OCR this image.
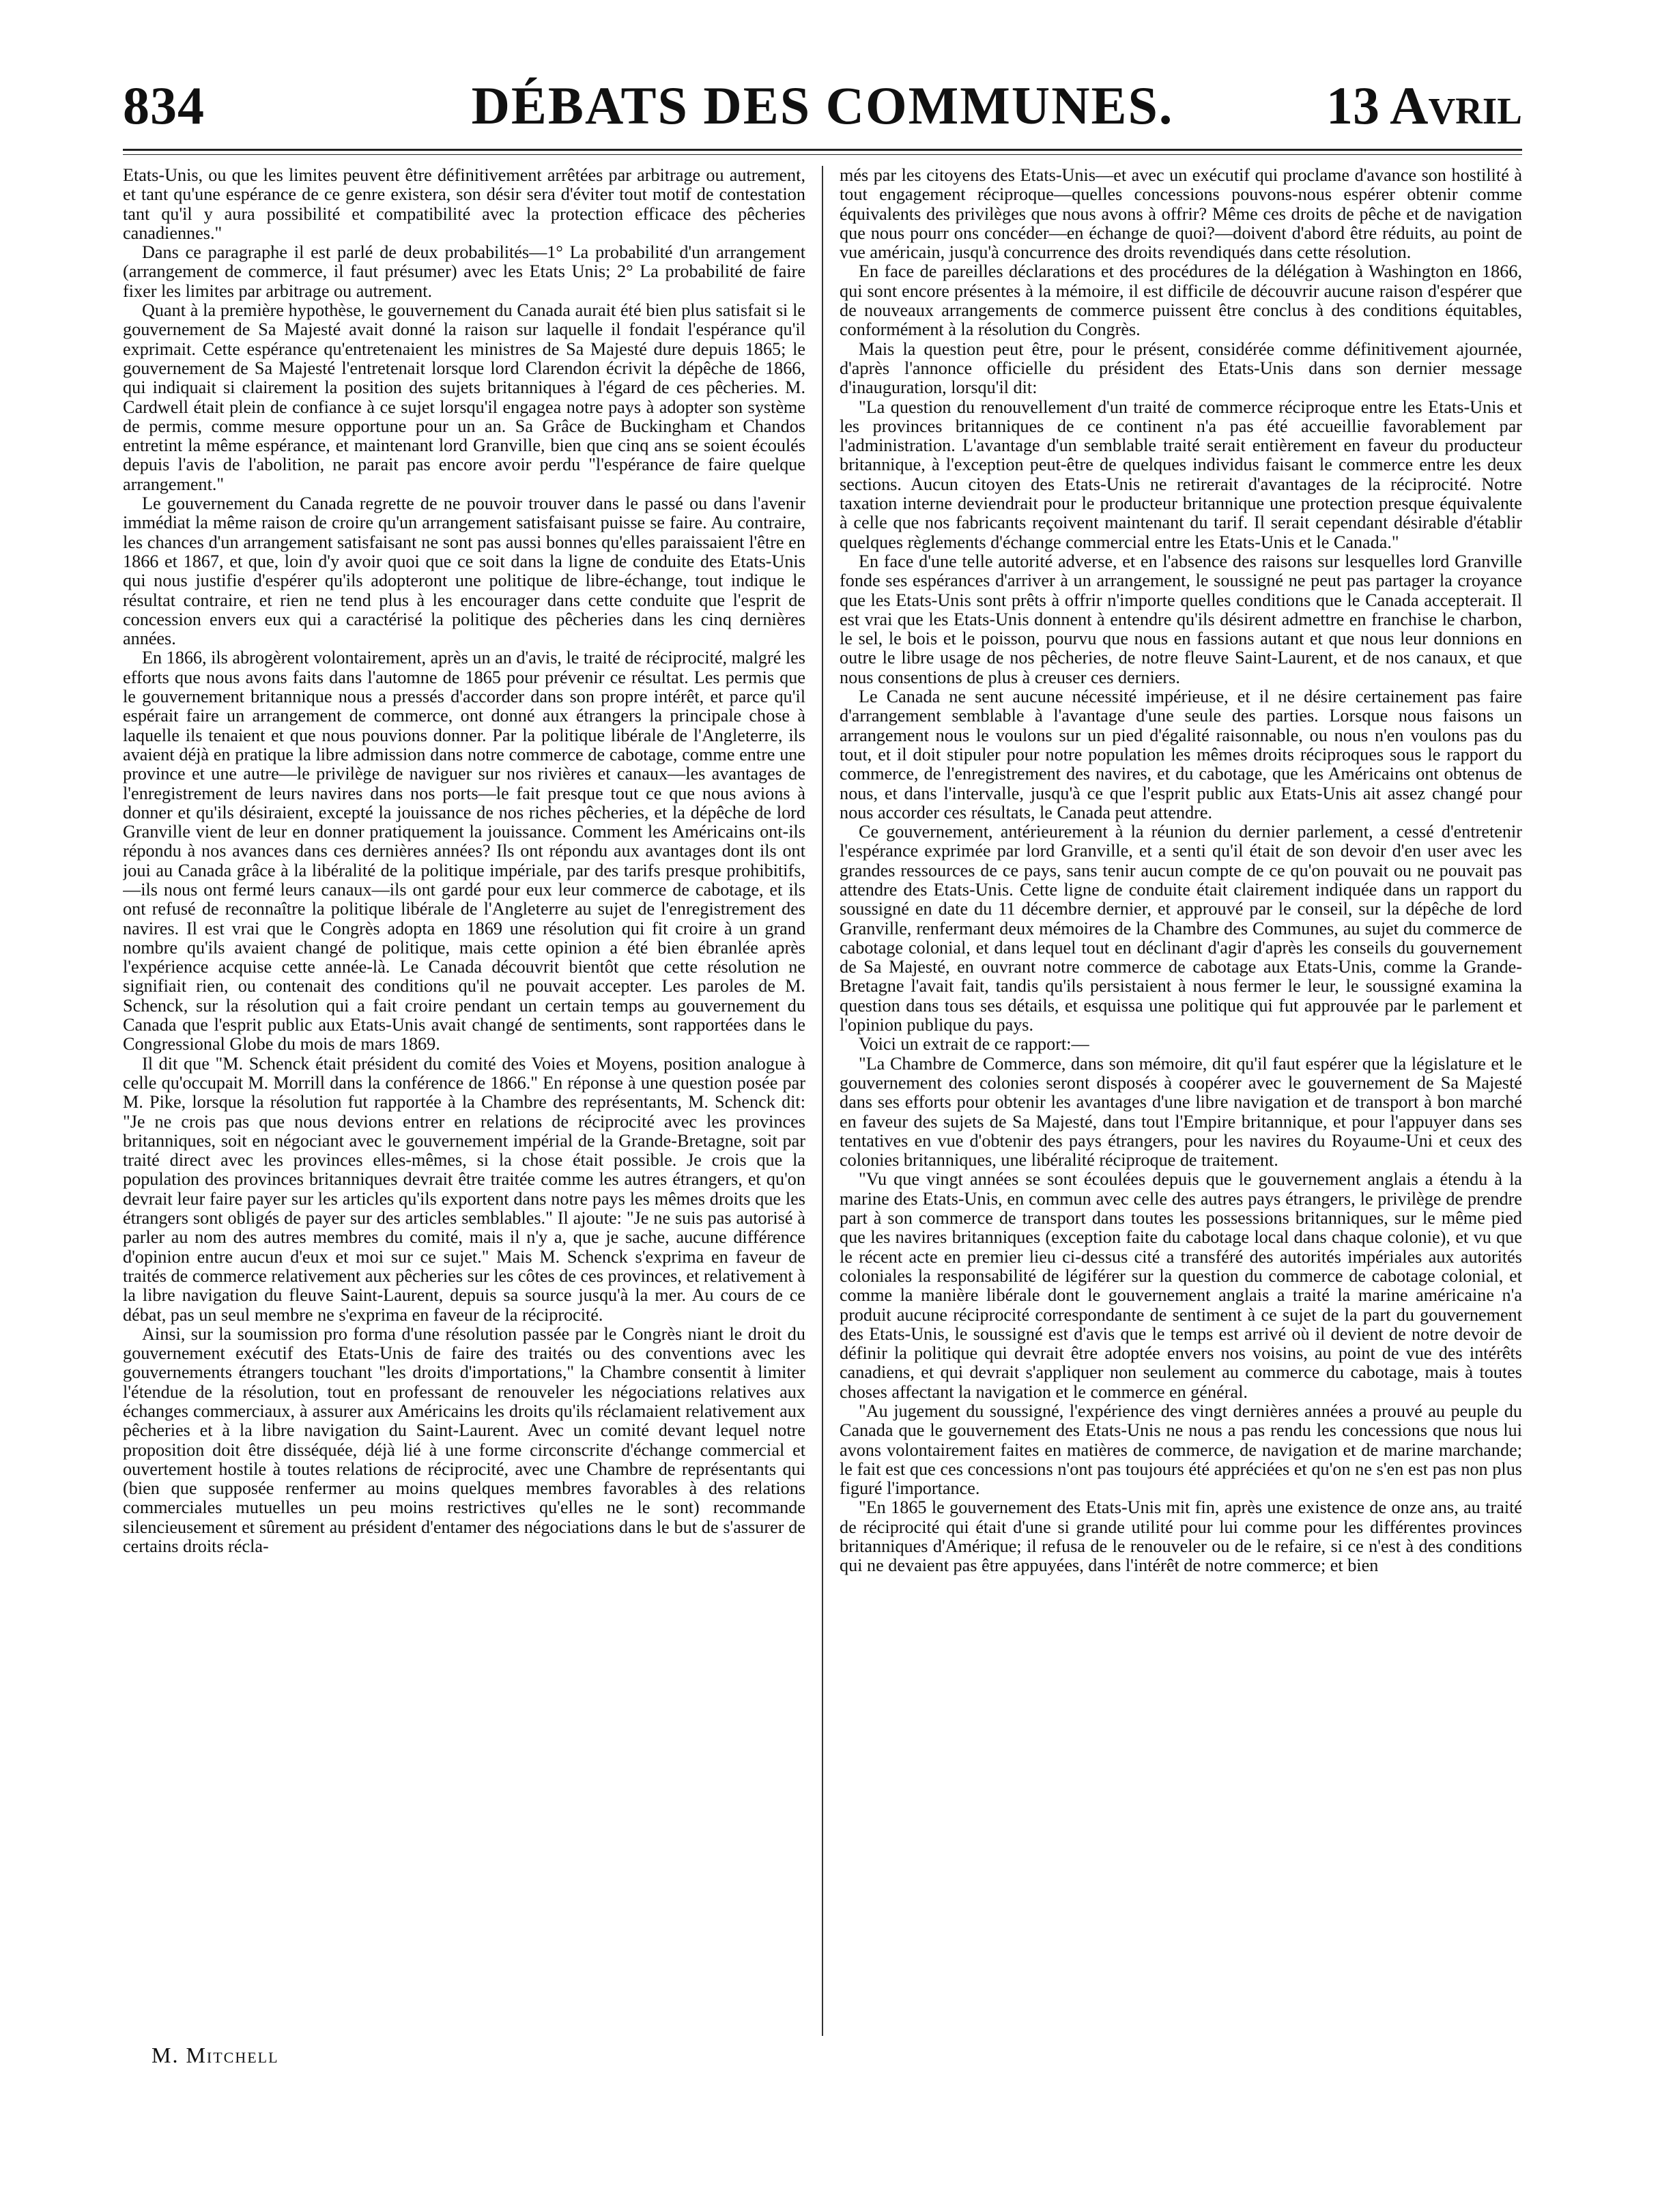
834	DÉBATS DES COMMUNES.	13 Avril

Etats-Unis, ou que les limites peuvent être définitivement arrêtées par arbitrage ou autrement, et tant qu'une espérance de ce genre existera, son désir sera d'éviter tout motif de contestation tant qu'il y aura possibilité et compatibilité avec la protection efficace des pêcheries canadiennes."

Dans ce paragraphe il est parlé de deux probabilités—1° La probabilité d'un arrangement (arrangement de commerce, il faut présumer) avec les Etats Unis; 2° La probabilité de faire fixer les limites par arbitrage ou autrement.

Quant à la première hypothèse, le gouvernement du Canada aurait été bien plus satisfait si le gouvernement de Sa Majesté avait donné la raison sur laquelle il fondait l'espérance qu'il exprimait. Cette espérance qu'entretenaient les ministres de Sa Majesté dure depuis 1865; le gouvernement de Sa Majesté l'entretenait lorsque lord Clarendon écrivit la dépêche de 1866, qui indiquait si clairement la position des sujets britanniques à l'égard de ces pêcheries. M. Cardwell était plein de confiance à ce sujet lorsqu'il engagea notre pays à adopter son système de permis, comme mesure opportune pour un an. Sa Grâce de Buckingham et Chandos entretint la même espérance, et maintenant lord Granville, bien que cinq ans se soient écoulés depuis l'avis de l'abolition, ne parait pas encore avoir perdu "l'espérance de faire quelque arrangement."

Le gouvernement du Canada regrette de ne pouvoir trouver dans le passé ou dans l'avenir immédiat la même raison de croire qu'un arrangement satisfaisant puisse se faire. Au contraire, les chances d'un arrangement satisfaisant ne sont pas aussi bonnes qu'elles paraissaient l'être en 1866 et 1867, et que, loin d'y avoir quoi que ce soit dans la ligne de conduite des Etats-Unis qui nous justifie d'espérer qu'ils adopteront une politique de libre-échange, tout indique le résultat contraire, et rien ne tend plus à les encourager dans cette conduite que l'esprit de concession envers eux qui a caractérisé la politique des pêcheries dans les cinq dernières années.

En 1866, ils abrogèrent volontairement, après un an d'avis, le traité de réciprocité, malgré les efforts que nous avons faits dans l'automne de 1865 pour prévenir ce résultat. Les permis que le gouvernement britannique nous a pressés d'accorder dans son propre intérêt, et parce qu'il espérait faire un arrangement de commerce, ont donné aux étrangers la principale chose à laquelle ils tenaient et que nous pouvions donner. Par la politique libérale de l'Angleterre, ils avaient déjà en pratique la libre admission dans notre commerce de cabotage, comme entre une province et une autre—le privilège de naviguer sur nos rivières et canaux—les avantages de l'enregistrement de leurs navires dans nos ports—le fait presque tout ce que nous avions à donner et qu'ils désiraient, excepté la jouissance de nos riches pêcheries, et la dépêche de lord Granville vient de leur en donner pratiquement la jouissance. Comment les Américains ont-ils répondu à nos avances dans ces dernières années? Ils ont répondu aux avantages dont ils ont joui au Canada grâce à la libéralité de la politique impériale, par des tarifs presque prohibitifs,—ils nous ont fermé leurs canaux—ils ont gardé pour eux leur commerce de cabotage, et ils ont refusé de reconnaître la politique libérale de l'Angleterre au sujet de l'enregistrement des navires. Il est vrai que le Congrès adopta en 1869 une résolution qui fit croire à un grand nombre qu'ils avaient changé de politique, mais cette opinion a été bien ébranlée après l'expérience acquise cette année-là. Le Canada découvrit bientôt que cette résolution ne signifiait rien, ou contenait des conditions qu'il ne pouvait accepter. Les paroles de M. Schenck, sur la résolution qui a fait croire pendant un certain temps au gouvernement du Canada que l'esprit public aux Etats-Unis avait changé de sentiments, sont rapportées dans le Congressional Globe du mois de mars 1869.

Il dit que "M. Schenck était président du comité des Voies et Moyens, position analogue à celle qu'occupait M. Morrill dans la conférence de 1866." En réponse à une question posée par M. Pike, lorsque la résolution fut rapportée à la Chambre des représentants, M. Schenck dit: "Je ne crois pas que nous devions entrer en relations de réciprocité avec les provinces britanniques, soit en négociant avec le gouvernement impérial de la Grande-Bretagne, soit par traité direct avec les provinces elles-mêmes, si la chose était possible. Je crois que la population des provinces britanniques devrait être traitée comme les autres étrangers, et qu'on devrait leur faire payer sur les articles qu'ils exportent dans notre pays les mêmes droits que les étrangers sont obligés de payer sur des articles semblables." Il ajoute: "Je ne suis pas autorisé à parler au nom des autres membres du comité, mais il n'y a, que je sache, aucune différence d'opinion entre aucun d'eux et moi sur ce sujet." Mais M. Schenck s'exprima en faveur de traités de commerce relativement aux pêcheries sur les côtes de ces provinces, et relativement à la libre navigation du fleuve Saint-Laurent, depuis sa source jusqu'à la mer. Au cours de ce débat, pas un seul membre ne s'exprima en faveur de la réciprocité.

Ainsi, sur la soumission pro forma d'une résolution passée par le Congrès niant le droit du gouvernement exécutif des Etats-Unis de faire des traités ou des conventions avec les gouvernements étrangers touchant "les droits d'importations," la Chambre consentit à limiter l'étendue de la résolution, tout en professant de renouveler les négociations relatives aux échanges commerciaux, à assurer aux Américains les droits qu'ils réclamaient relativement aux pêcheries et à la libre navigation du Saint-Laurent. Avec un comité devant lequel notre proposition doit être disséquée, déjà lié à une forme circonscrite d'échange commercial et ouvertement hostile à toutes relations de réciprocité, avec une Chambre de représentants qui (bien que supposée renfermer au moins quelques membres favorables à des relations commerciales mutuelles un peu moins restrictives qu'elles ne le sont) recommande silencieusement et sûrement au président d'entamer des négociations dans le but de s'assurer de certains droits récla-

més par les citoyens des Etats-Unis—et avec un exécutif qui proclame d'avance son hostilité à tout engagement réciproque—quelles concessions pouvons-nous espérer obtenir comme équivalents des privilèges que nous avons à offrir? Même ces droits de pêche et de navigation que nous pourr ons concéder—en échange de quoi?—doivent d'abord être réduits, au point de vue américain, jusqu'à concurrence des droits revendiqués dans cette résolution.

En face de pareilles déclarations et des procédures de la délégation à Washington en 1866, qui sont encore présentes à la mémoire, il est difficile de découvrir aucune raison d'espérer que de nouveaux arrangements de commerce puissent être conclus à des conditions équitables, conformément à la résolution du Congrès.

Mais la question peut être, pour le présent, considérée comme définitivement ajournée, d'après l'annonce officielle du président des Etats-Unis dans son dernier message d'inauguration, lorsqu'il dit:

"La question du renouvellement d'un traité de commerce réciproque entre les Etats-Unis et les provinces britanniques de ce continent n'a pas été accueillie favorablement par l'administration. L'avantage d'un semblable traité serait entièrement en faveur du producteur britannique, à l'exception peut-être de quelques individus faisant le commerce entre les deux sections. Aucun citoyen des Etats-Unis ne retirerait d'avantages de la réciprocité. Notre taxation interne deviendrait pour le producteur britannique une protection presque équivalente à celle que nos fabricants reçoivent maintenant du tarif. Il serait cependant désirable d'établir quelques règlements d'échange commercial entre les Etats-Unis et le Canada."

En face d'une telle autorité adverse, et en l'absence des raisons sur lesquelles lord Granville fonde ses espérances d'arriver à un arrangement, le soussigné ne peut pas partager la croyance que les Etats-Unis sont prêts à offrir n'importe quelles conditions que le Canada accepterait. Il est vrai que les Etats-Unis donnent à entendre qu'ils désirent admettre en franchise le charbon, le sel, le bois et le poisson, pourvu que nous en fassions autant et que nous leur donnions en outre le libre usage de nos pêcheries, de notre fleuve Saint-Laurent, et de nos canaux, et que nous consentions de plus à creuser ces derniers.

Le Canada ne sent aucune nécessité impérieuse, et il ne désire certainement pas faire d'arrangement semblable à l'avantage d'une seule des parties. Lorsque nous faisons un arrangement nous le voulons sur un pied d'égalité raisonnable, ou nous n'en voulons pas du tout, et il doit stipuler pour notre population les mêmes droits réciproques sous le rapport du commerce, de l'enregistrement des navires, et du cabotage, que les Américains ont obtenus de nous, et dans l'intervalle, jusqu'à ce que l'esprit public aux Etats-Unis ait assez changé pour nous accorder ces résultats, le Canada peut attendre.

Ce gouvernement, antérieurement à la réunion du dernier parlement, a cessé d'entretenir l'espérance exprimée par lord Granville, et a senti qu'il était de son devoir d'en user avec les grandes ressources de ce pays, sans tenir aucun compte de ce qu'on pouvait ou ne pouvait pas attendre des Etats-Unis. Cette ligne de conduite était clairement indiquée dans un rapport du soussigné en date du 11 décembre dernier, et approuvé par le conseil, sur la dépêche de lord Granville, renfermant deux mémoires de la Chambre des Communes, au sujet du commerce de cabotage colonial, et dans lequel tout en déclinant d'agir d'après les conseils du gouvernement de Sa Majesté, en ouvrant notre commerce de cabotage aux Etats-Unis, comme la Grande-Bretagne l'avait fait, tandis qu'ils persistaient à nous fermer le leur, le soussigné examina la question dans tous ses détails, et esquissa une politique qui fut approuvée par le parlement et l'opinion publique du pays.

Voici un extrait de ce rapport:—

"La Chambre de Commerce, dans son mémoire, dit qu'il faut espérer que la législature et le gouvernement des colonies seront disposés à coopérer avec le gouvernement de Sa Majesté dans ses efforts pour obtenir les avantages d'une libre navigation et de transport à bon marché en faveur des sujets de Sa Majesté, dans tout l'Empire britannique, et pour l'appuyer dans ses tentatives en vue d'obtenir des pays étrangers, pour les navires du Royaume-Uni et ceux des colonies britanniques, une libéralité réciproque de traitement.

"Vu que vingt années se sont écoulées depuis que le gouvernement anglais a étendu à la marine des Etats-Unis, en commun avec celle des autres pays étrangers, le privilège de prendre part à son commerce de transport dans toutes les possessions britanniques, sur le même pied que les navires britanniques (exception faite du cabotage local dans chaque colonie), et vu que le récent acte en premier lieu ci-dessus cité a transféré des autorités impériales aux autorités coloniales la responsabilité de légiférer sur la question du commerce de cabotage colonial, et comme la manière libérale dont le gouvernement anglais a traité la marine américaine n'a produit aucune réciprocité correspondante de sentiment à ce sujet de la part du gouvernement des Etats-Unis, le soussigné est d'avis que le temps est arrivé où il devient de notre devoir de définir la politique qui devrait être adoptée envers nos voisins, au point de vue des intérêts canadiens, et qui devrait s'appliquer non seulement au commerce du cabotage, mais à toutes choses affectant la navigation et le commerce en général.

"Au jugement du soussigné, l'expérience des vingt dernières années a prouvé au peuple du Canada que le gouvernement des Etats-Unis ne nous a pas rendu les concessions que nous lui avons volontairement faites en matières de commerce, de navigation et de marine marchande; le fait est que ces concessions n'ont pas toujours été appréciées et qu'on ne s'en est pas non plus figuré l'importance.

"En 1865 le gouvernement des Etats-Unis mit fin, après une existence de onze ans, au traité de réciprocité qui était d'une si grande utilité pour lui comme pour les différentes provinces britanniques d'Amérique; il refusa de le renouveler ou de le refaire, si ce n'est à des conditions qui ne devaient pas être appuyées, dans l'intérêt de notre commerce; et bien

M. Mitchell
